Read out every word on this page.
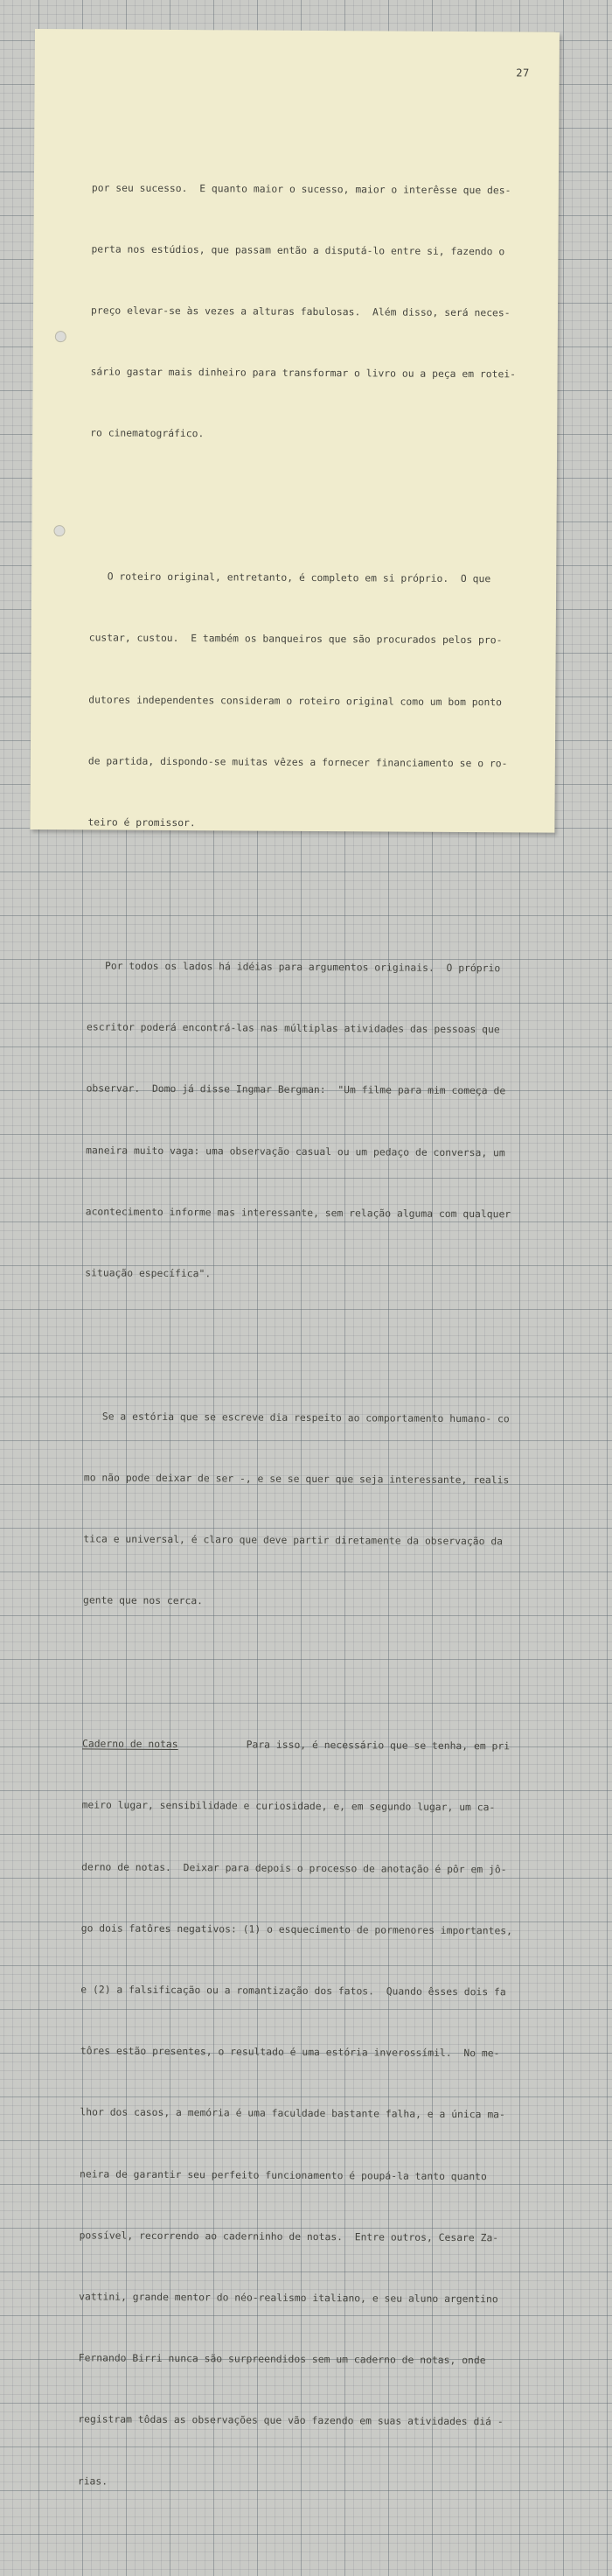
27

por seu sucesso.  E quanto maior o sucesso, maior o interêsse que des-

perta nos estúdios, que passam então a disputá-lo entre si, fazendo o

preço elevar-se às vezes a alturas fabulosas.  Além disso, será neces-

sário gastar mais dinheiro para transformar o livro ou a peça em rotei-

ro cinematográfico.

O roteiro original, entretanto, é completo em si próprio.  O que

custar, custou.  E também os banqueiros que são procurados pelos pro-

dutores independentes consideram o roteiro original como um bom ponto

de partida, dispondo-se muitas vêzes a fornecer financiamento se o ro-

teiro é promissor.

Por todos os lados há idéias para argumentos originais.  O próprio

escritor poderá encontrá-las nas múltiplas atividades das pessoas que

observar.  Domo já disse Ingmar Bergman:  "Um filme para mim começa de

maneira muito vaga: uma observação casual ou um pedaço de conversa, um

acontecimento informe mas interessante, sem relação alguma com qualquer

situação específica".

Se a estória que se escreve dia respeito ao comportamento humano- co

mo não pode deixar de ser -, e se se quer que seja interessante, realis

tica e universal, é claro que deve partir diretamente da observação da

gente que nos cerca.

Caderno de notas	Para isso, é necessário que se tenha, em pri

meiro lugar, sensibilidade e curiosidade, e, em segundo lugar, um ca-

derno de notas.  Deixar para depois o processo de anotação é pôr em jô-

go dois fatôres negativos: (1) o esquecimento de pormenores importantes,

e (2) a falsificação ou a romantização dos fatos.  Quando êsses dois fa

tôres estão presentes, o resultado é uma estória inverossímil.  No me-

lhor dos casos, a memória é uma faculdade bastante falha, e a única ma-

neira de garantir seu perfeito funcionamento é poupá-la tanto quanto

possível, recorrendo ao caderninho de notas.  Entre outros, Cesare Za-

vattini, grande mentor do néo-realismo italiano, e seu aluno argentino

Fernando Birri nunca são surpreendidos sem um caderno de notas, onde

registram tôdas as observações que vão fazendo em suas atividades diá -

rias.
